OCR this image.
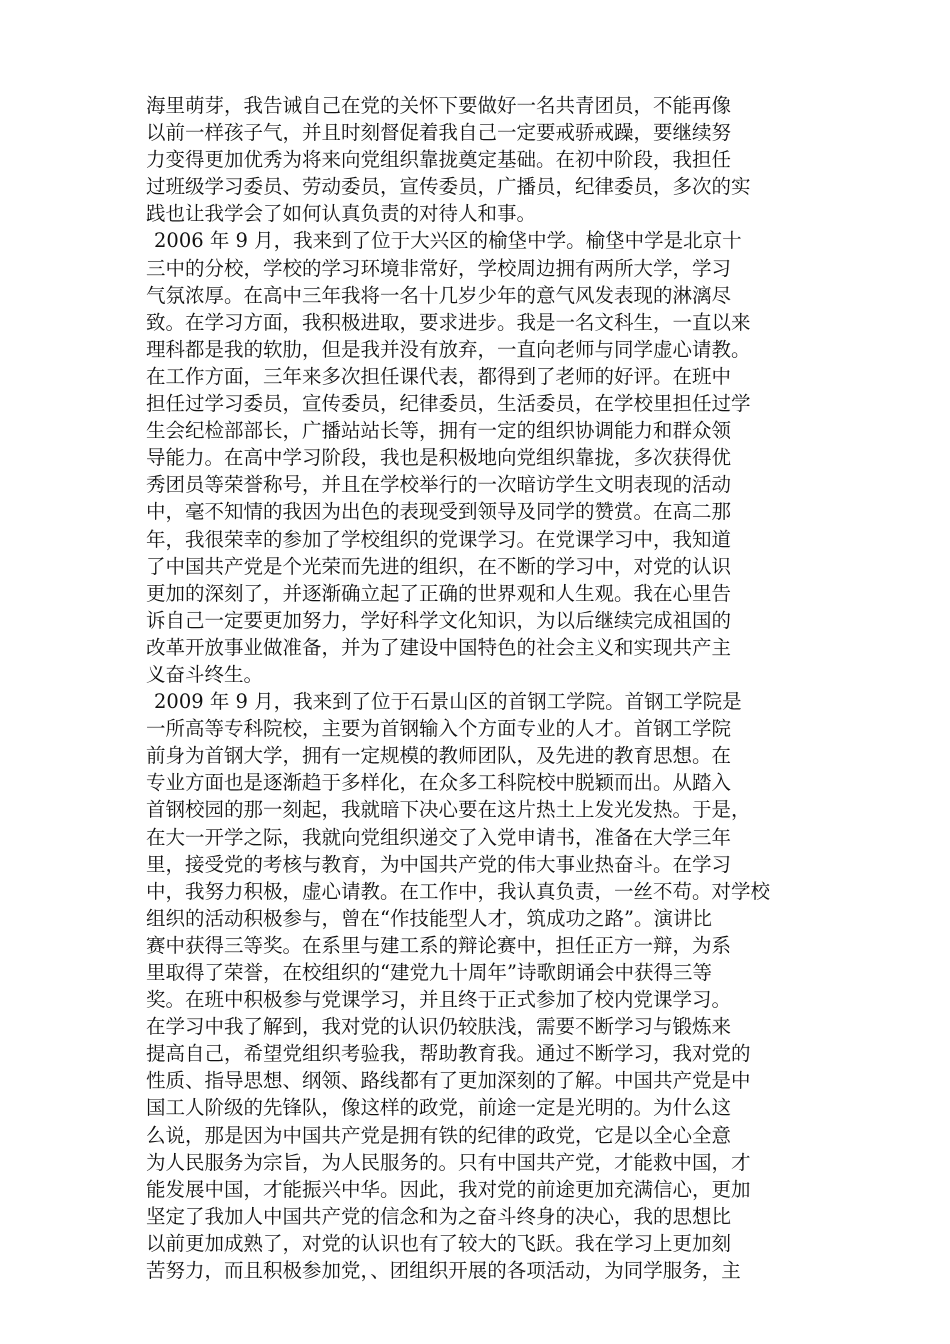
海里萌芽，我告诫自己在党的关怀下要做好一名共青团员，不能再像
以前一样孩子气，并且时刻督促着我自己一定要戒骄戒躁，要继续努
力变得更加优秀为将来向党组织靠拢奠定基础。在初中阶段，我担任
过班级学习委员、劳动委员，宣传委员，广播员，纪律委员，多次的实
践也让我学会了如何认真负责的对待人和事。
2006 年 9 月，我来到了位于大兴区的榆垡中学。榆垡中学是北京十
三中的分校，学校的学习环境非常好，学校周边拥有两所大学，学习
气氛浓厚。在高中三年我将一名十几岁少年的意气风发表现的淋漓尽
致。在学习方面，我积极进取，要求进步。我是一名文科生，一直以来
理科都是我的软肋，但是我并没有放弃，一直向老师与同学虚心请教。
在工作方面，三年来多次担任课代表，都得到了老师的好评。在班中
担任过学习委员，宣传委员，纪律委员，生活委员，在学校里担任过学
生会纪检部部长，广播站站长等，拥有一定的组织协调能力和群众领
导能力。在高中学习阶段，我也是积极地向党组织靠拢，多次获得优
秀团员等荣誉称号，并且在学校举行的一次暗访学生文明表现的活动
中，毫不知情的我因为出色的表现受到领导及同学的赞赏。在高二那
年，我很荣幸的参加了学校组织的党课学习。在党课学习中，我知道
了中国共产党是个光荣而先进的组织，在不断的学习中，对党的认识
更加的深刻了，并逐渐确立起了正确的世界观和人生观。我在心里告
诉自己一定要更加努力，学好科学文化知识，为以后继续完成祖国的
改革开放事业做准备，并为了建设中国特色的社会主义和实现共产主
义奋斗终生。
2009 年 9 月，我来到了位于石景山区的首钢工学院。首钢工学院是
一所高等专科院校，主要为首钢输入个方面专业的人才。首钢工学院
前身为首钢大学，拥有一定规模的教师团队，及先进的教育思想。在
专业方面也是逐渐趋于多样化，在众多工科院校中脱颖而出。从踏入
首钢校园的那一刻起，我就暗下决心要在这片热土上发光发热。于是，
在大一开学之际，我就向党组织递交了入党申请书，准备在大学三年
里，接受党的考核与教育，为中国共产党的伟大事业热奋斗。在学习
中，我努力积极，虚心请教。在工作中，我认真负责，一丝不苟。对学校
组织的活动积极参与，曾在“作技能型人才，筑成功之路”。演讲比
赛中获得三等奖。在系里与建工系的辩论赛中，担任正方一辩，为系
里取得了荣誉，在校组织的“建党九十周年”诗歌朗诵会中获得三等
奖。在班中积极参与党课学习，并且终于正式参加了校内党课学习。
在学习中我了解到，我对党的认识仍较肤浅，需要不断学习与锻炼来
提高自己，希望党组织考验我，帮助教育我。通过不断学习，我对党的
性质、指导思想、纲领、路线都有了更加深刻的了解。中国共产党是中
国工人阶级的先锋队，像这样的政党，前途一定是光明的。为什么这
么说，那是因为中国共产党是拥有铁的纪律的政党，它是以全心全意
为人民服务为宗旨，为人民服务的。只有中国共产党，才能救中国，才
能发展中国，才能振兴中华。因此，我对党的前途更加充满信心，更加
坚定了我加人中国共产党的信念和为之奋斗终身的决心，我的思想比
以前更加成熟了，对党的认识也有了较大的飞跃。我在学习上更加刻
苦努力，而且积极参加党，、团组织开展的各项活动，为同学服务，主
